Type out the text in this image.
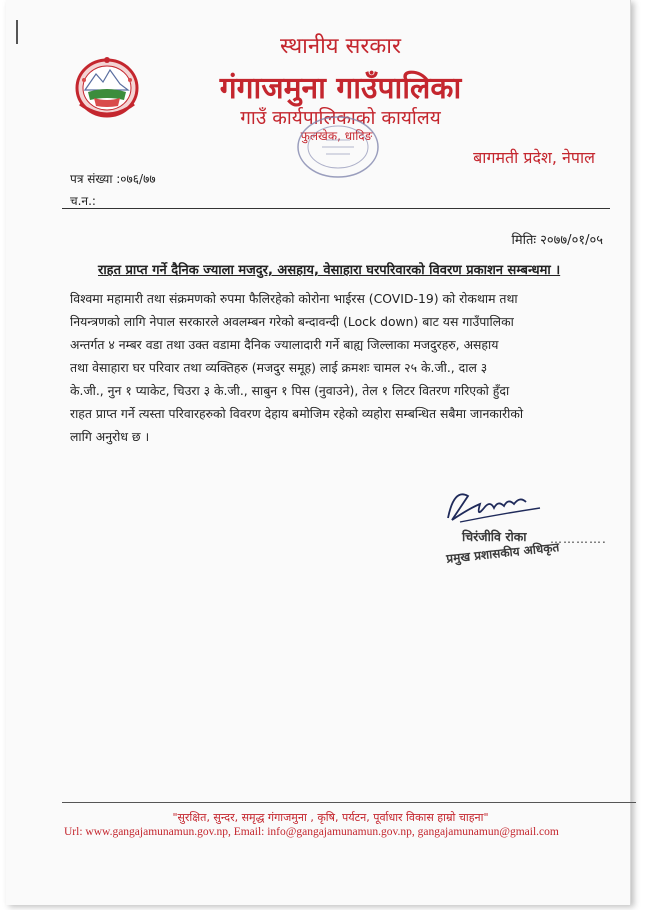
स्थानीय सरकार
गंगाजमुना गाउँपालिका
गाउँ कार्यपालिकाको कार्यालय
फुलखेक, धादिङ
बागमती प्रदेश, नेपाल
पत्र संख्या :०७६/७७
च.न.:
मितिः २०७७/०१/०५
राहत प्राप्त गर्ने दैनिक ज्याला मजदुर, असहाय, वेसाहारा घरपरिवारको विवरण प्रकाशन सम्बन्धमा ।
विश्वमा महामारी तथा संक्रमणको रुपमा फैलिरहेको कोरोना भाईरस (COVID-19) को रोकथाम तथा
नियन्त्रणको लागि नेपाल सरकारले अवलम्बन गरेको बन्दावन्दी (Lock down) बाट यस गाउँपालिका
अन्तर्गत ४ नम्बर वडा तथा उक्त वडामा दैनिक ज्यालादारी गर्ने बाह्य जिल्लाका मजदुरहरु, असहाय
तथा वेसाहारा घर परिवार तथा व्यक्तिहरु (मजदुर समूह) लाई क्रमशः चामल २५ के.जी., दाल ३
के.जी., नुन १ प्याकेट, चिउरा ३ के.जी., साबुन १ पिस (नुवाउने), तेल १ लिटर वितरण गरिएको हुँदा
राहत प्राप्त गर्ने त्यस्ता परिवारहरुको विवरण देहाय बमोजिम रहेको व्यहोरा सम्बन्धित सबैमा जानकारीको
लागि अनुरोध छ ।
चिरंजीवि रोका ………….
प्रमुख प्रशासकीय अधिकृत
"सुरक्षित, सुन्दर, समृद्ध गंगाजमुना , कृषि, पर्यटन, पूर्वाधार विकास हाम्रो चाहना"
Url: www.gangajamunamun.gov.np, Email: info@gangajamunamun.gov.np, gangajamunamun@gmail.com
